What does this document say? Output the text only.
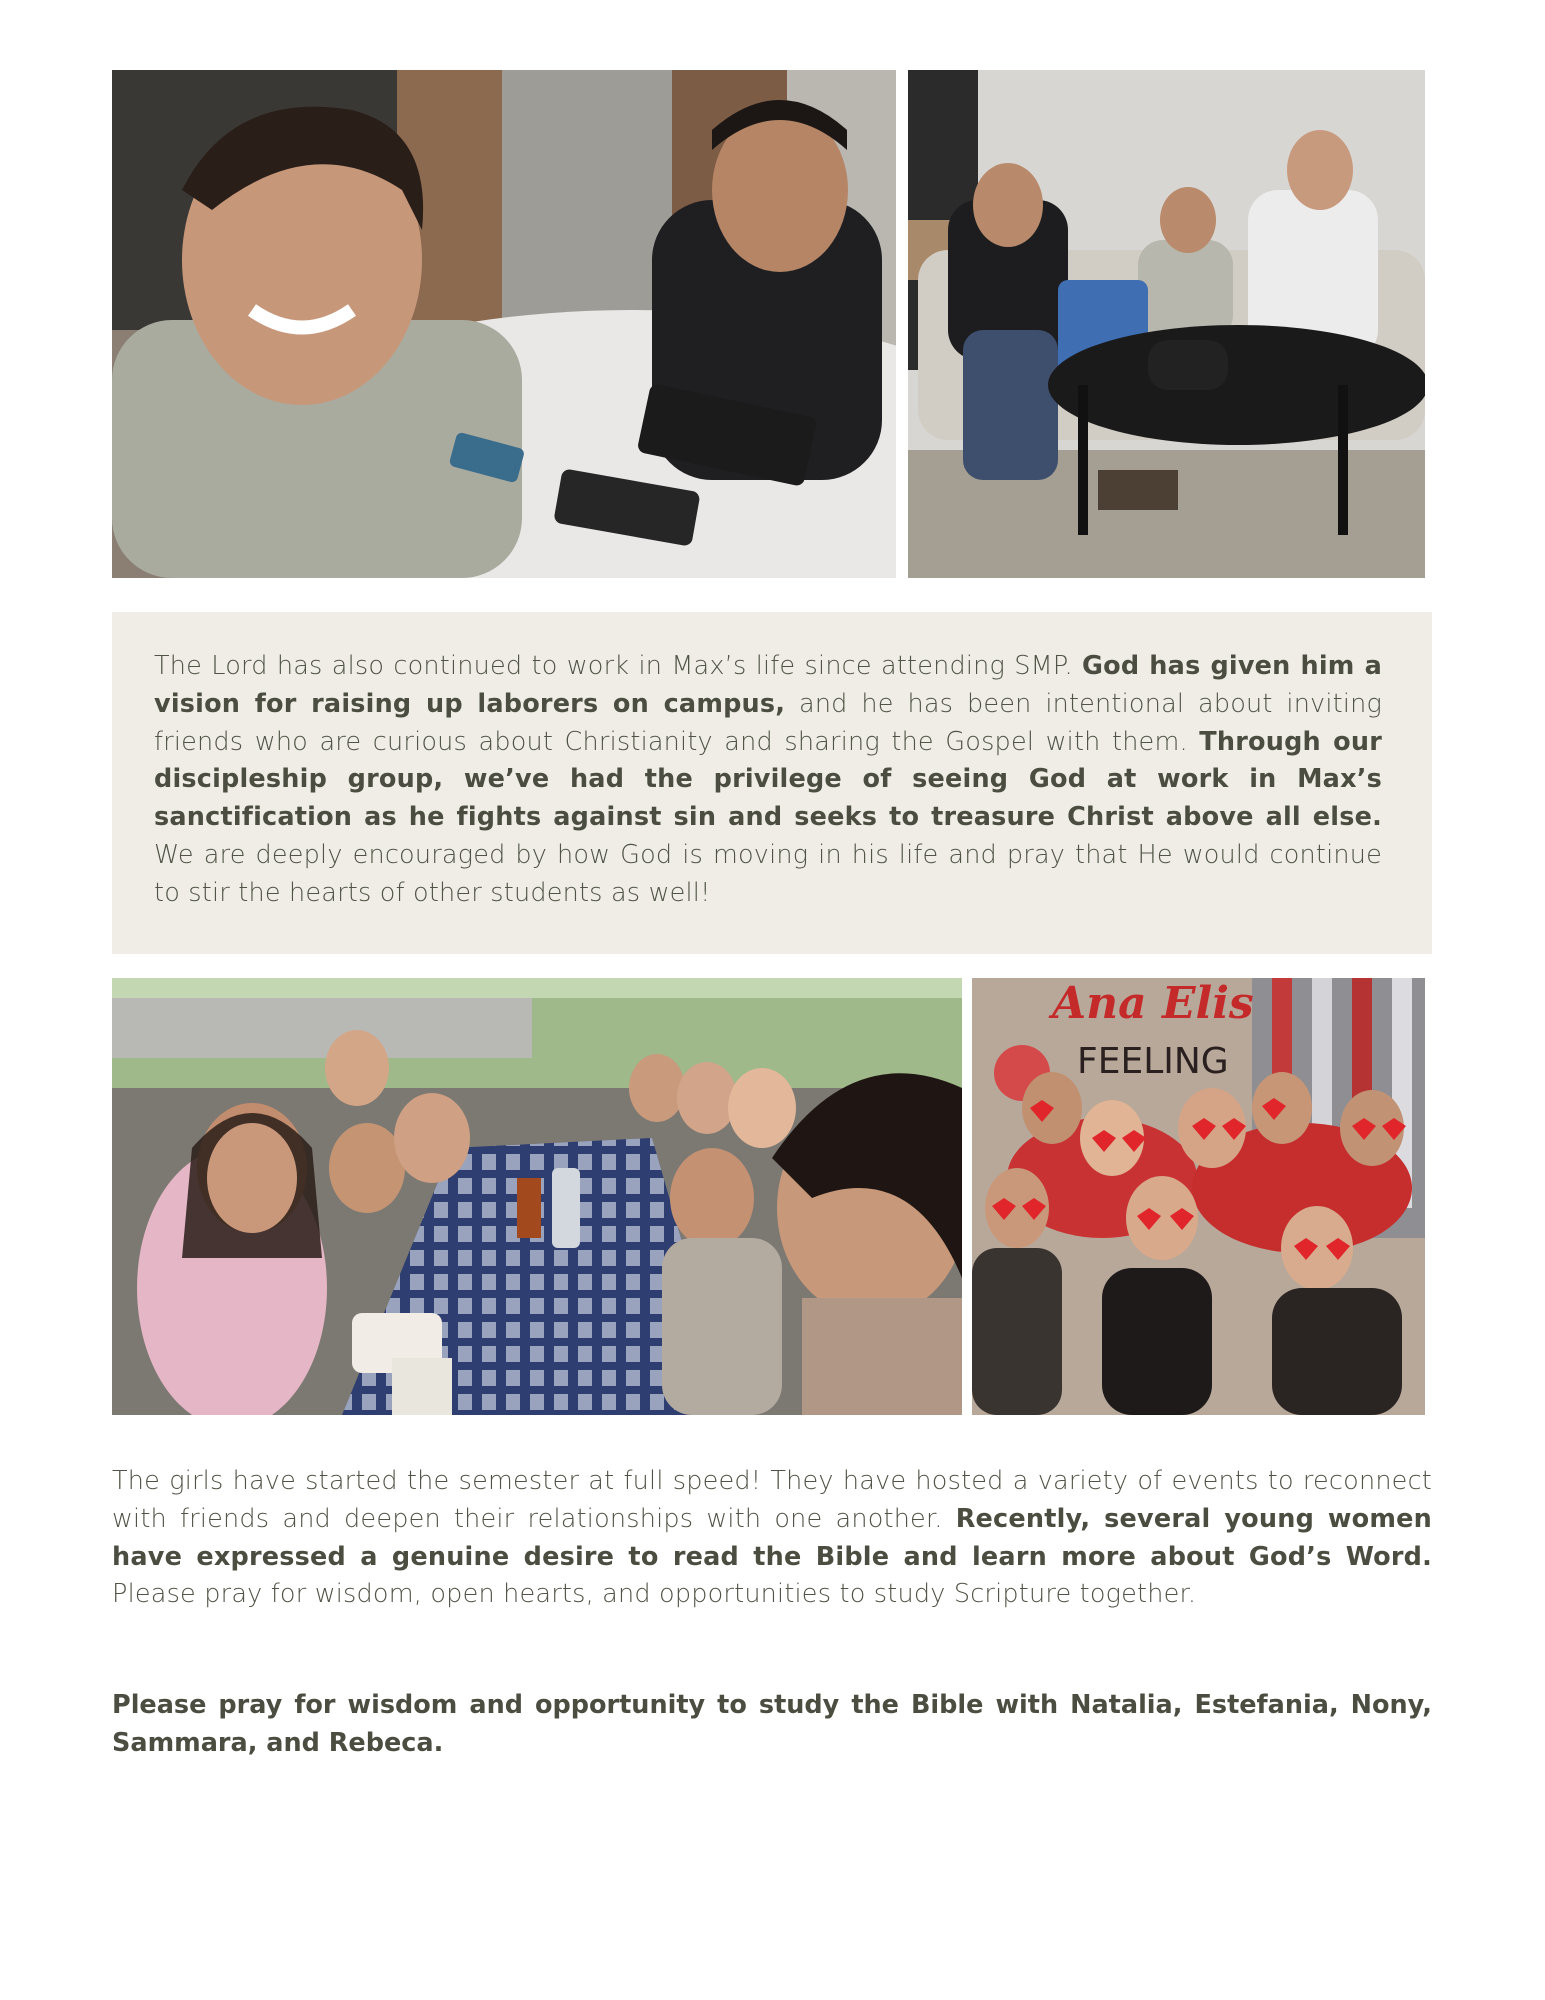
The Lord has also continued to work in Max’s life since attending SMP. God has given him a vision for raising up laborers on campus, and he has been intentional about inviting friends who are curious about Christianity and sharing the Gospel with them. Through our discipleship group, we’ve had the privilege of seeing God at work in Max’s sanctification as he fights against sin and seeks to treasure Christ above all else. We are deeply encouraged by how God is moving in his life and pray that He would continue to stir the hearts of other students as well!

Ana Elis
FEELING

The girls have started the semester at full speed! They have hosted a variety of events to reconnect with friends and deepen their relationships with one another. Recently, several young women have expressed a genuine desire to read the Bible and learn more about God’s Word. Please pray for wisdom, open hearts, and opportunities to study Scripture together.

Please pray for wisdom and opportunity to study the Bible with Natalia, Estefania, Nony, Sammara, and Rebeca.
